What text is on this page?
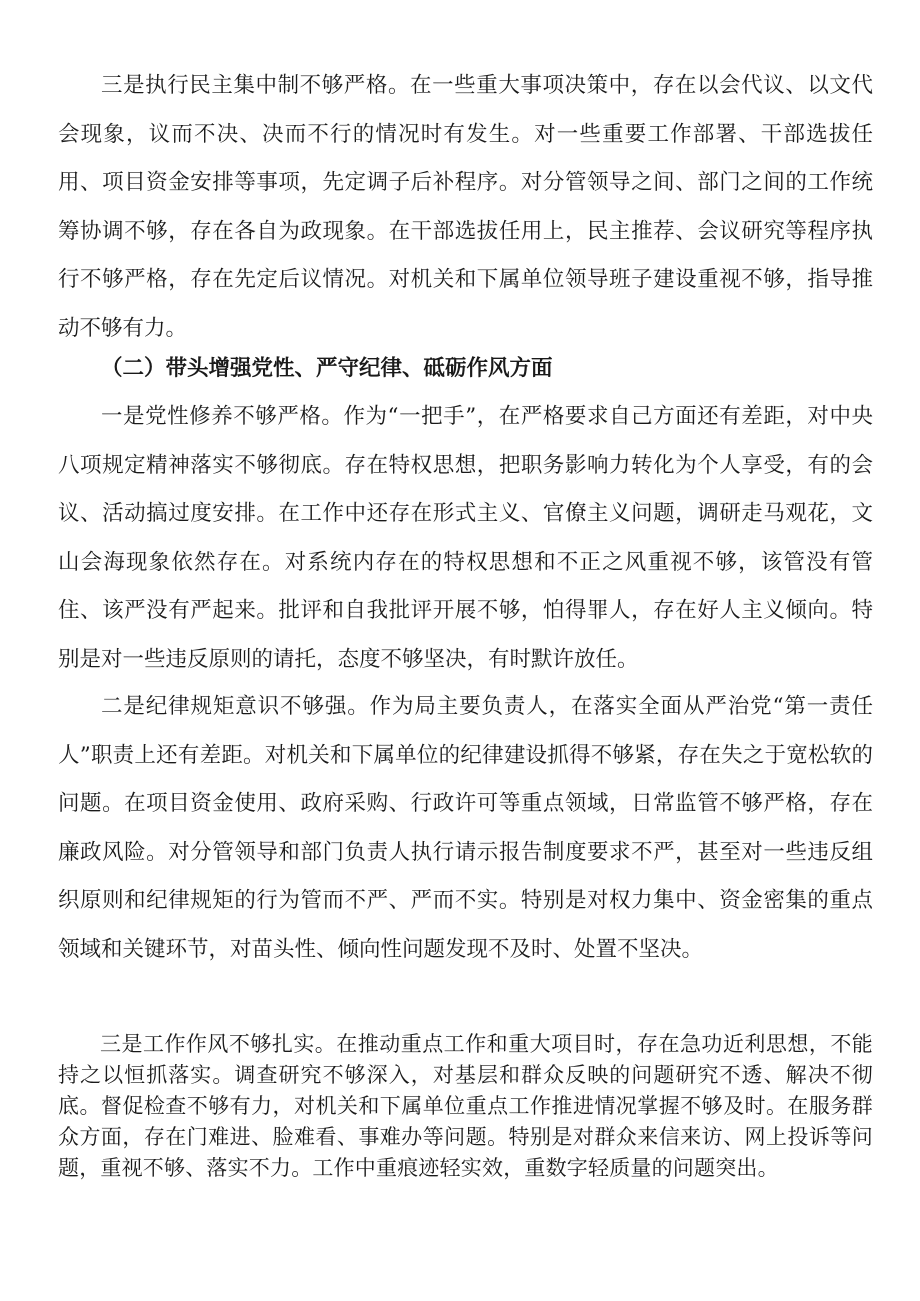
三是执行民主集中制不够严格。在一些重大事项决策中，存在以会代议、以文代会现象，议而不决、决而不行的情况时有发生。对一些重要工作部署、干部选拔任用、项目资金安排等事项，先定调子后补程序。对分管领导之间、部门之间的工作统筹协调不够，存在各自为政现象。在干部选拔任用上，民主推荐、会议研究等程序执行不够严格，存在先定后议情况。对机关和下属单位领导班子建设重视不够，指导推动不够有力。

（二）带头增强党性、严守纪律、砥砺作风方面

一是党性修养不够严格。作为“一把手”，在严格要求自己方面还有差距，对中央八项规定精神落实不够彻底。存在特权思想，把职务影响力转化为个人享受，有的会议、活动搞过度安排。在工作中还存在形式主义、官僚主义问题，调研走马观花，文山会海现象依然存在。对系统内存在的特权思想和不正之风重视不够，该管没有管住、该严没有严起来。批评和自我批评开展不够，怕得罪人，存在好人主义倾向。特别是对一些违反原则的请托，态度不够坚决，有时默许放任。

二是纪律规矩意识不够强。作为局主要负责人，在落实全面从严治党“第一责任人”职责上还有差距。对机关和下属单位的纪律建设抓得不够紧，存在失之于宽松软的问题。在项目资金使用、政府采购、行政许可等重点领域，日常监管不够严格，存在廉政风险。对分管领导和部门负责人执行请示报告制度要求不严，甚至对一些违反组织原则和纪律规矩的行为管而不严、严而不实。特别是对权力集中、资金密集的重点领域和关键环节，对苗头性、倾向性问题发现不及时、处置不坚决。

三是工作作风不够扎实。在推动重点工作和重大项目时，存在急功近利思想，不能持之以恒抓落实。调查研究不够深入，对基层和群众反映的问题研究不透、解决不彻底。督促检查不够有力，对机关和下属单位重点工作推进情况掌握不够及时。在服务群众方面，存在门难进、脸难看、事难办等问题。特别是对群众来信来访、网上投诉等问题，重视不够、落实不力。工作中重痕迹轻实效，重数字轻质量的问题突出。
